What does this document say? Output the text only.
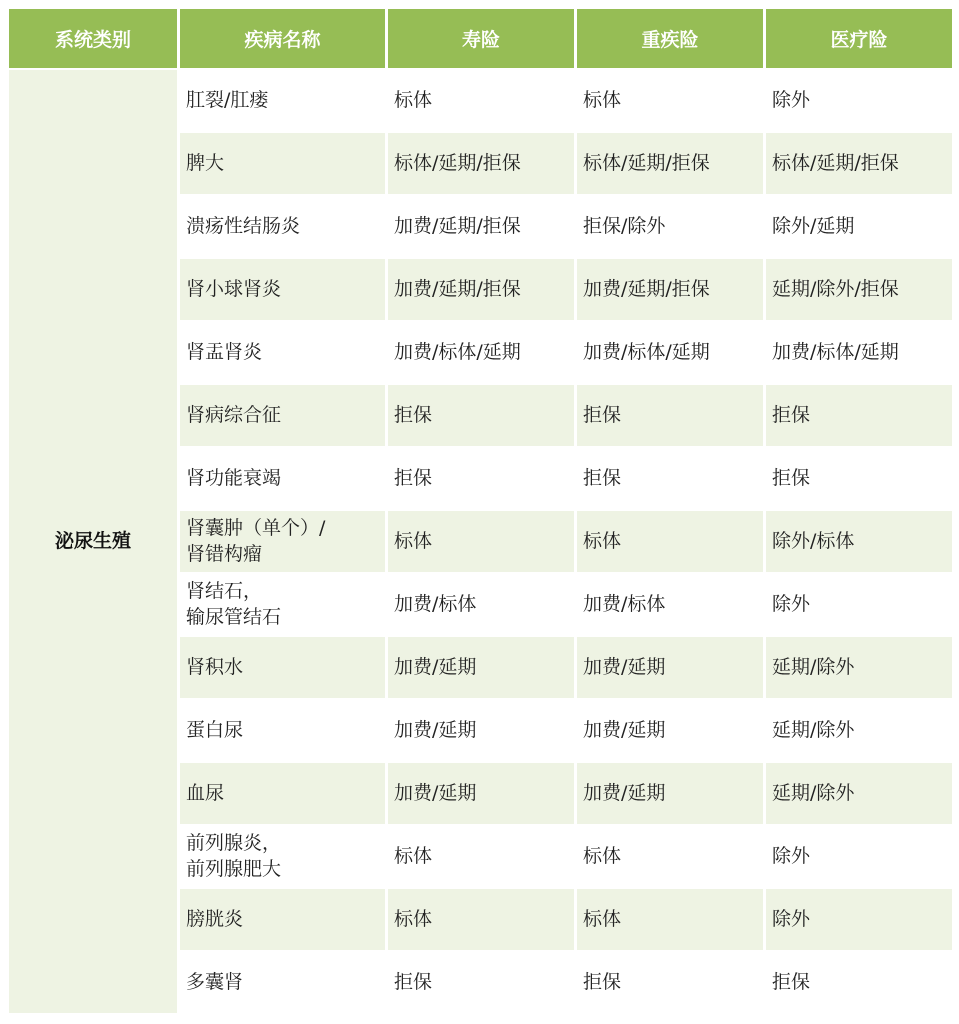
系统类别	疾病名称	寿险	重疾险	医疗险
泌尿生殖	肛裂/肛瘘	标体	标体	除外

	脾大	标体/延期/拒保	标体/延期/拒保	标体/延期/拒保

	溃疡性结肠炎	加费/延期/拒保	拒保/除外	除外/延期

	肾小球肾炎	加费/延期/拒保	加费/延期/拒保	延期/除外/拒保

	肾盂肾炎	加费/标体/延期	加费/标体/延期	加费/标体/延期

	肾病综合征	拒保	拒保	拒保

	肾功能衰竭	拒保	拒保	拒保

	肾囊肿（单个）/
肾错构瘤	标体	标体	除外/标体

	肾结石，
输尿管结石	加费/标体	加费/标体	除外

	肾积水	加费/延期	加费/延期	延期/除外

	蛋白尿	加费/延期	加费/延期	延期/除外

	血尿	加费/延期	加费/延期	延期/除外

	前列腺炎，
前列腺肥大	标体	标体	除外

	膀胱炎	标体	标体	除外

	多囊肾	拒保	拒保	拒保
